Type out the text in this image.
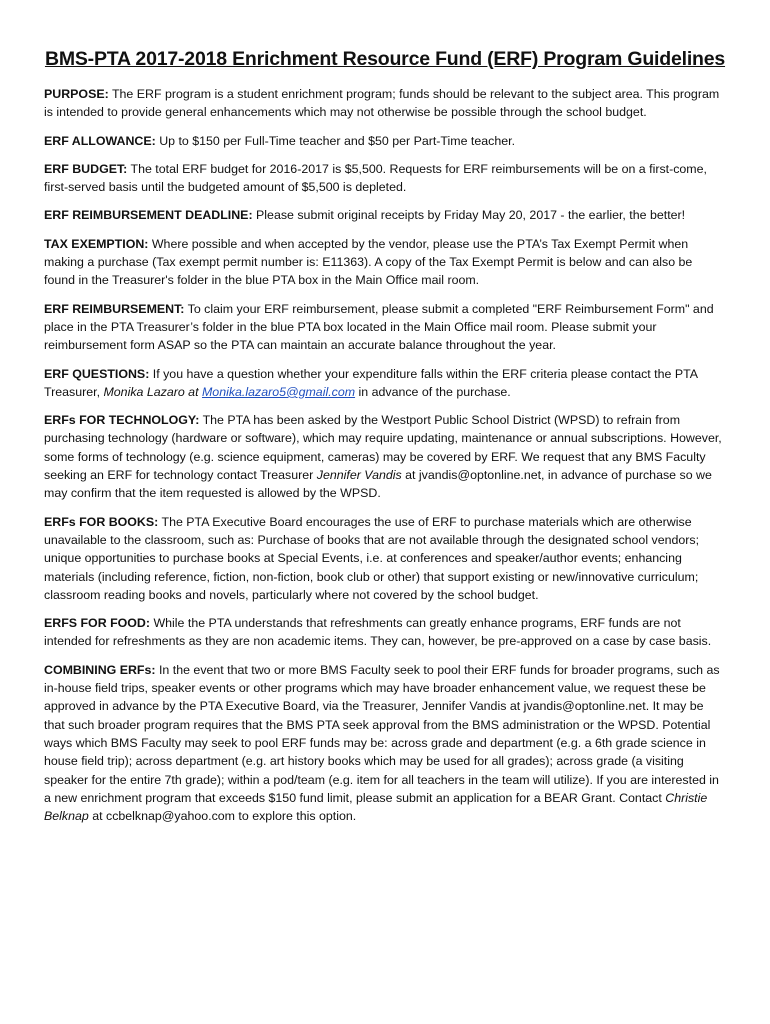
BMS-PTA 2017-2018 Enrichment Resource Fund (ERF) Program Guidelines

PURPOSE: The ERF program is a student enrichment program; funds should be relevant to the subject area. This program is intended to provide general enhancements which may not otherwise be possible through the school budget.

ERF ALLOWANCE: Up to $150 per Full-Time teacher and $50 per Part-Time teacher.

ERF BUDGET: The total ERF budget for 2016-2017 is $5,500. Requests for ERF reimbursements will be on a first-come, first-served basis until the budgeted amount of $5,500 is depleted.

ERF REIMBURSEMENT DEADLINE: Please submit original receipts by Friday May 20, 2017 - the earlier, the better!

TAX EXEMPTION: Where possible and when accepted by the vendor, please use the PTA’s Tax Exempt Permit when making a purchase (Tax exempt permit number is: E11363). A copy of the Tax Exempt Permit is below and can also be found in the Treasurer's folder in the blue PTA box in the Main Office mail room.

ERF REIMBURSEMENT: To claim your ERF reimbursement, please submit a completed "ERF Reimbursement Form" and place in the PTA Treasurer’s folder in the blue PTA box located in the Main Office mail room. Please submit your reimbursement form ASAP so the PTA can maintain an accurate balance throughout the year.

ERF QUESTIONS: If you have a question whether your expenditure falls within the ERF criteria please contact the PTA Treasurer, Monika Lazaro at Monika.lazaro5@gmail.com in advance of the purchase.

ERFs FOR TECHNOLOGY: The PTA has been asked by the Westport Public School District (WPSD) to refrain from purchasing technology (hardware or software), which may require updating, maintenance or annual subscriptions. However, some forms of technology (e.g. science equipment, cameras) may be covered by ERF. We request that any BMS Faculty seeking an ERF for technology contact Treasurer Jennifer Vandis at jvandis@optonline.net, in advance of purchase so we may confirm that the item requested is allowed by the WPSD.

ERFs FOR BOOKS: The PTA Executive Board encourages the use of ERF to purchase materials which are otherwise unavailable to the classroom, such as: Purchase of books that are not available through the designated school vendors; unique opportunities to purchase books at Special Events, i.e. at conferences and speaker/author events; enhancing materials (including reference, fiction, non-fiction, book club or other) that support existing or new/innovative curriculum; classroom reading books and novels, particularly where not covered by the school budget.

ERFS FOR FOOD: While the PTA understands that refreshments can greatly enhance programs, ERF funds are not intended for refreshments as they are non academic items. They can, however, be pre-approved on a case by case basis.

COMBINING ERFs: In the event that two or more BMS Faculty seek to pool their ERF funds for broader programs, such as in-house field trips, speaker events or other programs which may have broader enhancement value, we request these be approved in advance by the PTA Executive Board, via the Treasurer, Jennifer Vandis at jvandis@optonline.net. It may be that such broader program requires that the BMS PTA seek approval from the BMS administration or the WPSD. Potential ways which BMS Faculty may seek to pool ERF funds may be: across grade and department (e.g. a 6th grade science in house field trip); across department (e.g. art history books which may be used for all grades); across grade (a visiting speaker for the entire 7th grade); within a pod/team (e.g. item for all teachers in the team will utilize). If you are interested in a new enrichment program that exceeds $150 fund limit, please submit an application for a BEAR Grant. Contact Christie Belknap at ccbelknap@yahoo.com to explore this option.
